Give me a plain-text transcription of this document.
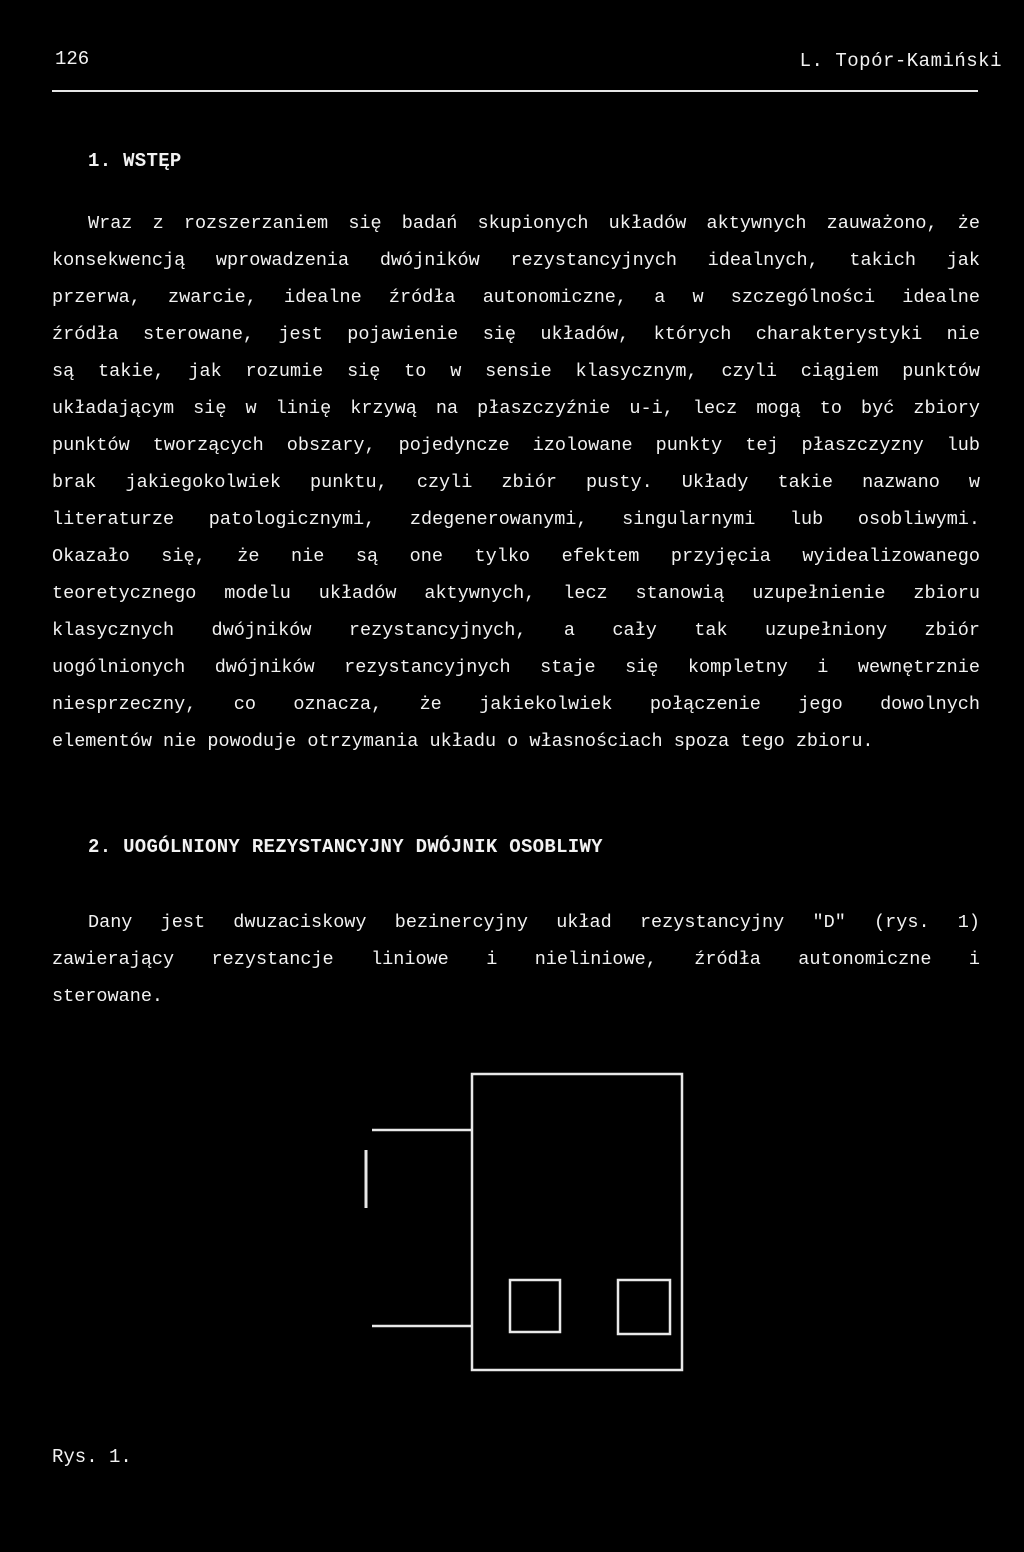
126	L. Topór-Kamiński
1. WSTĘP
Wraz z rozszerzaniem się badań skupionych układów aktywnych zauważono, że
konsekwencją wprowadzenia dwójników rezystancyjnych idealnych, takich jak
przerwa, zwarcie, idealne źródła autonomiczne, a w szczególności idealne
źródła sterowane, jest pojawienie się układów, których charakterystyki nie
są takie, jak rozumie się to w sensie klasycznym, czyli ciągiem punktów
układającym się w linię krzywą na płaszczyźnie u-i, lecz mogą to być zbiory
punktów tworzących obszary, pojedyncze izolowane punkty tej płaszczyzny lub
brak jakiegokolwiek punktu, czyli zbiór pusty. Układy takie nazwano w
literaturze patologicznymi, zdegenerowanymi, singularnymi lub osobliwymi.
Okazało się, że nie są one tylko efektem przyjęcia wyidealizowanego
teoretycznego modelu układów aktywnych, lecz stanowią uzupełnienie zbioru
klasycznych dwójników rezystancyjnych, a cały tak uzupełniony zbiór
uogólnionych dwójników rezystancyjnych staje się kompletny i wewnętrznie
niesprzeczny, co oznacza, że jakiekolwiek połączenie jego dowolnych
elementów nie powoduje otrzymania układu o własnościach spoza tego zbioru.
2. UOGÓLNIONY REZYSTANCYJNY DWÓJNIK OSOBLIWY
Dany jest dwuzaciskowy bezinercyjny układ rezystancyjny "D" (rys. 1)
zawierający rezystancje liniowe i nieliniowe, źródła autonomiczne i
sterowane.
Rys. 1.
